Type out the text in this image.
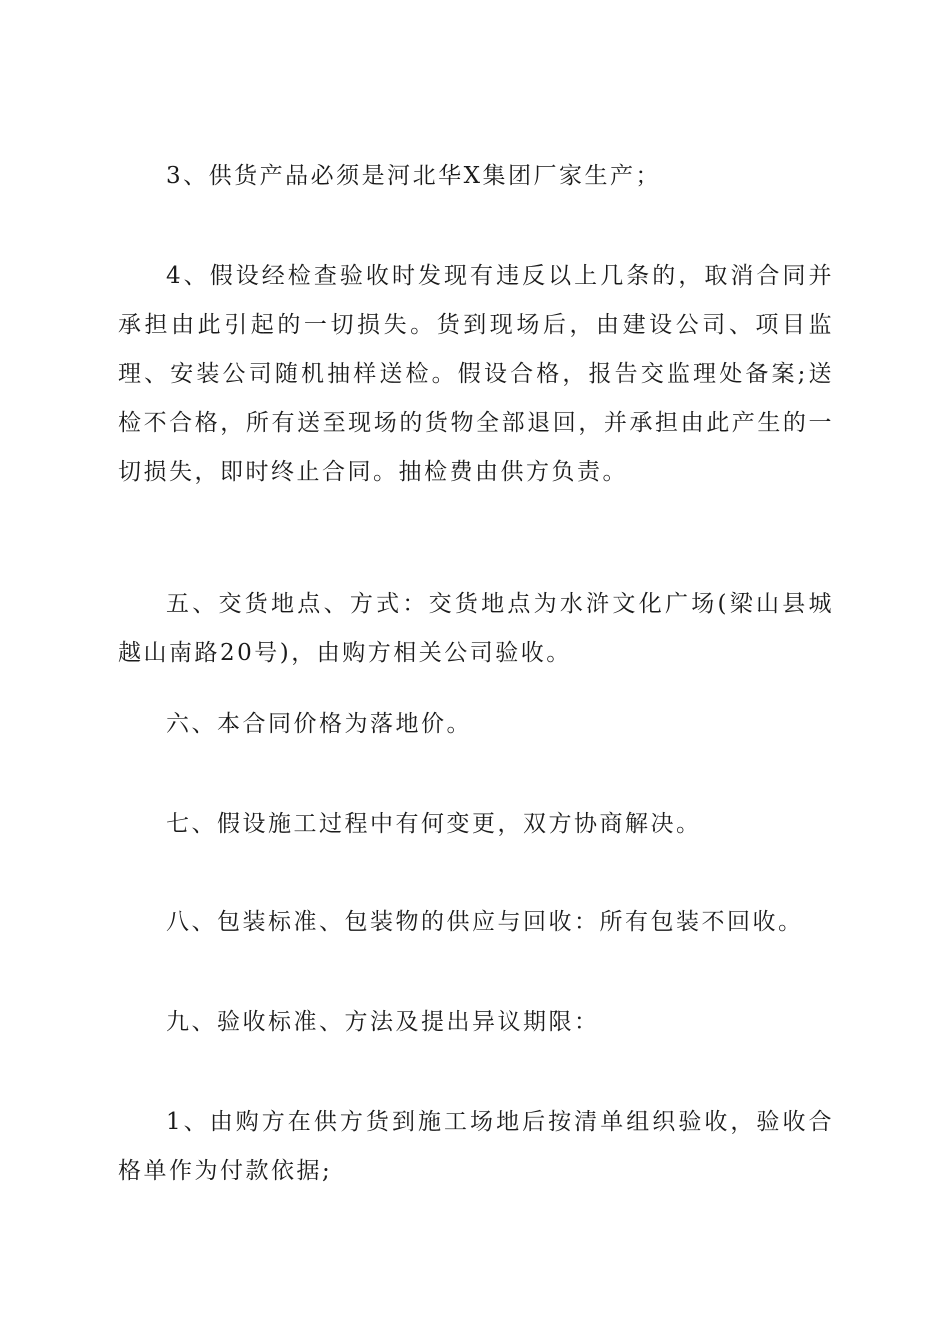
3、供货产品必须是河北华X集团厂家生产；

4、假设经检查验收时发现有违反以上几条的，取消合同并承担由此引起的一切损失。货到现场后，由建设公司、项目监理、安装公司随机抽样送检。假设合格，报告交监理处备案;送检不合格，所有送至现场的货物全部退回，并承担由此产生的一切损失，即时终止合同。抽检费由供方负责。

五、交货地点、方式：交货地点为水浒文化广场(梁山县城越山南路20号)，由购方相关公司验收。

六、本合同价格为落地价。

七、假设施工过程中有何变更，双方协商解决。

八、包装标准、包装物的供应与回收：所有包装不回收。

九、验收标准、方法及提出异议期限：

1、由购方在供方货到施工场地后按清单组织验收，验收合格单作为付款依据;
